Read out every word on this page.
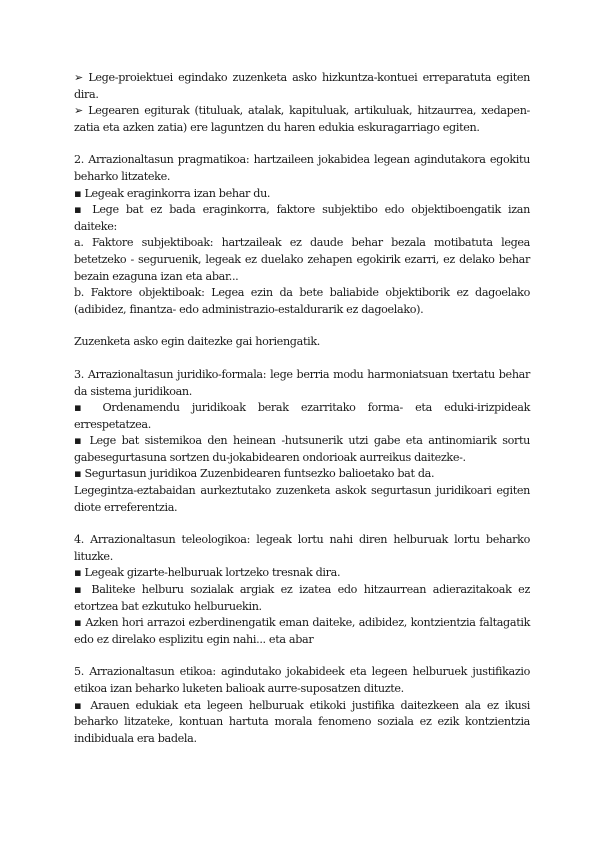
➢ Lege-proiektuei egindako zuzenketa asko hizkuntza-kontuei erreparatuta egiten dira.

➢ Legearen egiturak (tituluak, atalak, kapituluak, artikuluak, hitzaurrea, xedapen-zatia eta azken zatia) ere laguntzen du haren edukia eskuragarriago egiten.

2. Arrazionaltasun pragmatikoa: hartzaileen jokabidea legean agindutakora egokitu beharko litzateke.

▪ Legeak eraginkorra izan behar du.

▪ Lege bat ez bada eraginkorra, faktore subjektibo edo objektiboengatik izan daiteke:

a. Faktore subjektiboak: hartzaileak ez daude behar bezala motibatuta legea betetzeko - seguruenik, legeak ez duelako zehapen egokirik ezarri, ez delako behar bezain ezaguna izan eta abar...

b. Faktore objektiboak: Legea ezin da bete baliabide objektiborik ez dagoelako (adibidez, finantza- edo administrazio-estaldurarik ez dagoelako).

Zuzenketa asko egin daitezke gai horiengatik.

3. Arrazionaltasun juridiko-formala: lege berria modu harmoniatsuan txertatu behar da sistema juridikoan.

▪ Ordenamendu juridikoak berak ezarritako forma- eta eduki-irizpideak errespetatzea.

▪ Lege bat sistemikoa den heinean -hutsunerik utzi gabe eta antinomiarik sortu gabesegurtasuna sortzen du-jokabidearen ondorioak aurreikus daitezke-.

▪ Segurtasun juridikoa Zuzenbidearen funtsezko balioetako bat da.

Legegintza-eztabaidan aurkeztutako zuzenketa askok segurtasun juridikoari egiten diote erreferentzia.

4. Arrazionaltasun teleologikoa: legeak lortu nahi diren helburuak lortu beharko lituzke.

▪ Legeak gizarte-helburuak lortzeko tresnak dira.

▪ Baliteke helburu sozialak argiak ez izatea edo hitzaurrean adierazitakoak ez etortzea bat ezkutuko helburuekin.

▪ Azken hori arrazoi ezberdinengatik eman daiteke, adibidez, kontzientzia faltagatik edo ez direlako esplizitu egin nahi... eta abar

5. Arrazionaltasun etikoa: agindutako jokabideek eta legeen helburuek justifikazio etikoa izan beharko luketen balioak aurre-suposatzen dituzte.

▪ Arauen edukiak eta legeen helburuak etikoki justifika daitezkeen ala ez ikusi beharko litzateke, kontuan hartuta morala fenomeno soziala ez ezik kontzientzia indibiduala era badela.
